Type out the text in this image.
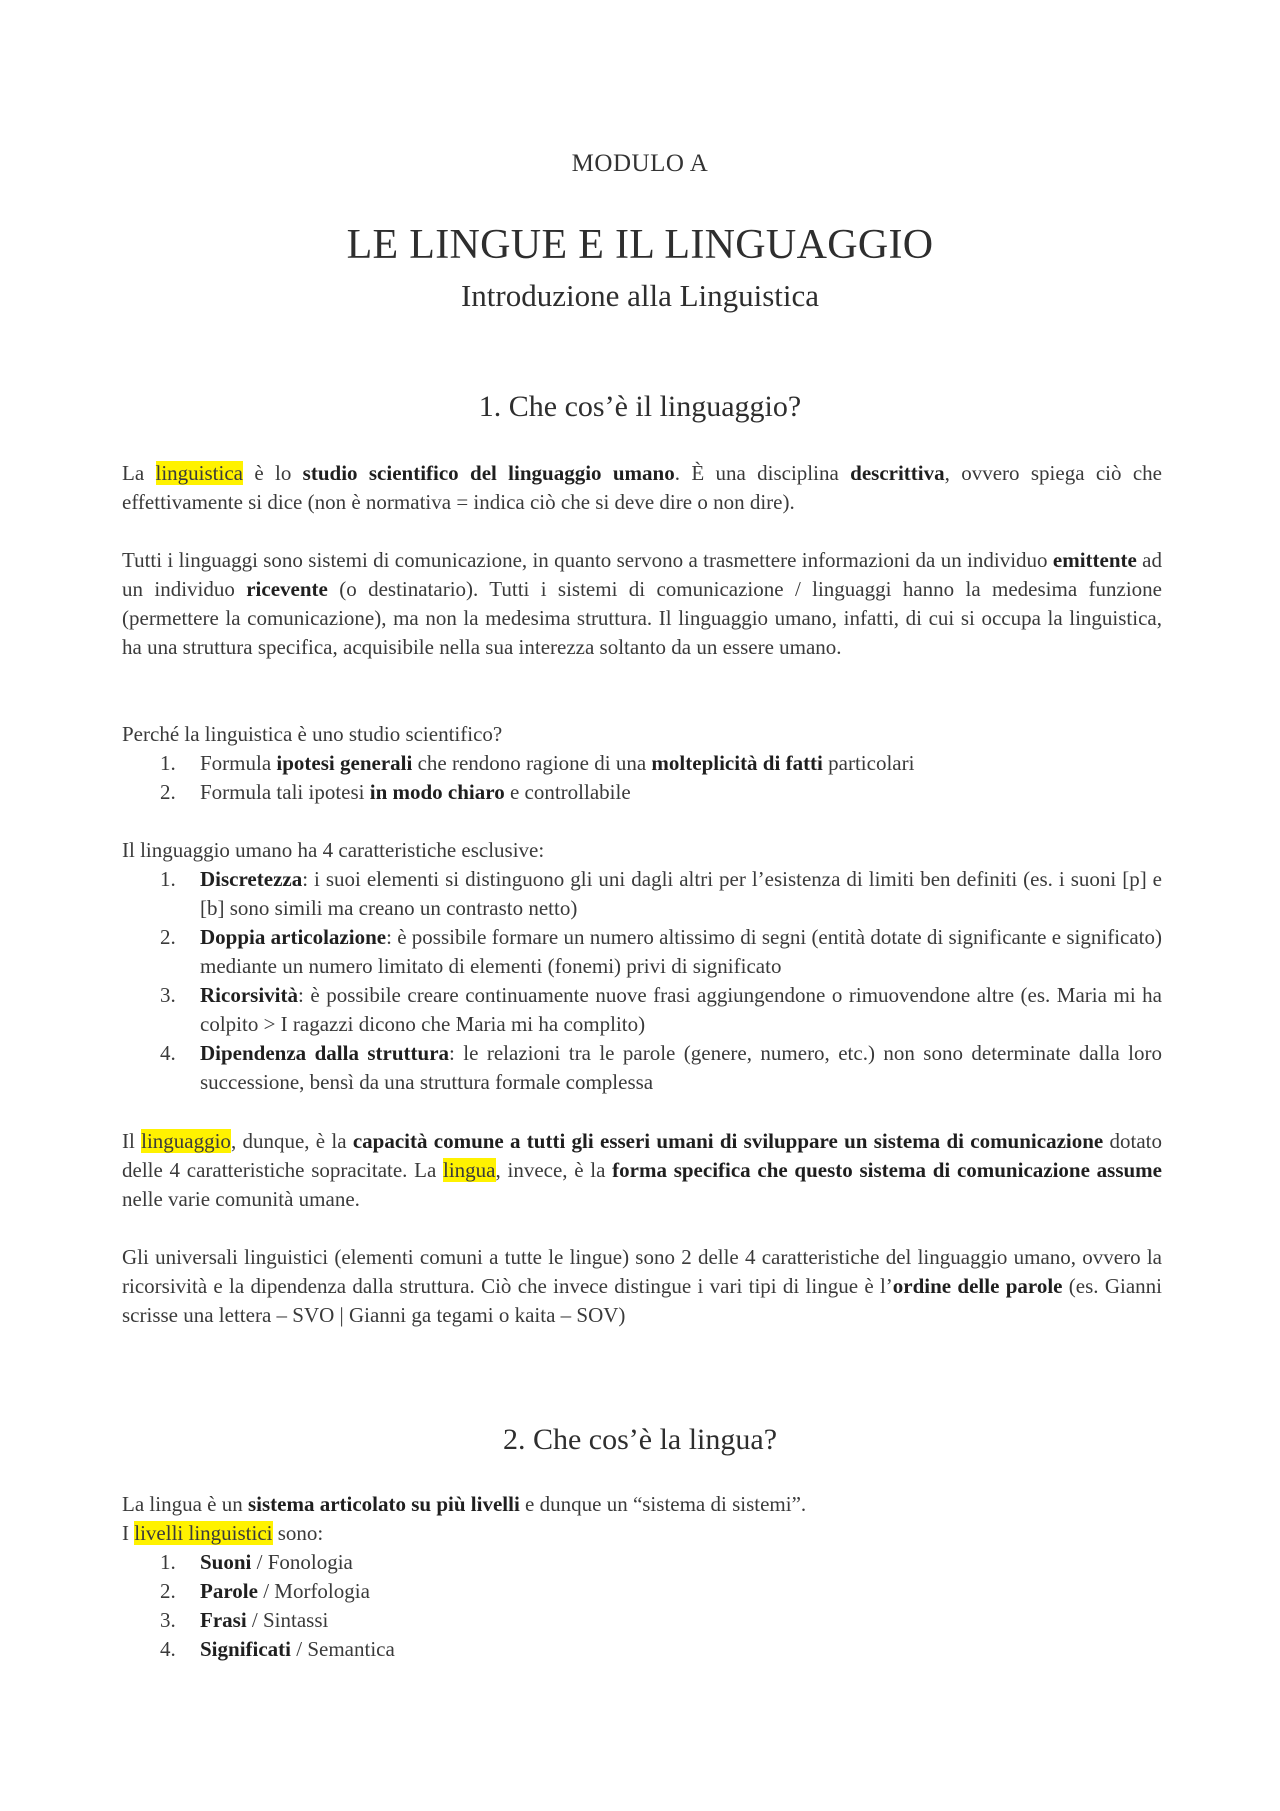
MODULO A
LE LINGUE E IL LINGUAGGIO
Introduzione alla Linguistica
1. Che cos’è il linguaggio?
La linguistica è lo studio scientifico del linguaggio umano. È una disciplina descrittiva, ovvero spiega ciò che effettivamente si dice (non è normativa = indica ciò che si deve dire o non dire).
Tutti i linguaggi sono sistemi di comunicazione, in quanto servono a trasmettere informazioni da un individuo emittente ad un individuo ricevente (o destinatario). Tutti i sistemi di comunicazione / linguaggi hanno la medesima funzione (permettere la comunicazione), ma non la medesima struttura. Il linguaggio umano, infatti, di cui si occupa la linguistica, ha una struttura specifica, acquisibile nella sua interezza soltanto da un essere umano.
Perché la linguistica è uno studio scientifico?
1. Formula ipotesi generali che rendono ragione di una molteplicità di fatti particolari
2. Formula tali ipotesi in modo chiaro e controllabile
Il linguaggio umano ha 4 caratteristiche esclusive:
1. Discretezza: i suoi elementi si distinguono gli uni dagli altri per l’esistenza di limiti ben definiti (es. i suoni [p] e [b] sono simili ma creano un contrasto netto)
2. Doppia articolazione: è possibile formare un numero altissimo di segni (entità dotate di significante e significato) mediante un numero limitato di elementi (fonemi) privi di significato
3. Ricorsività: è possibile creare continuamente nuove frasi aggiungendone o rimuovendone altre (es. Maria mi ha colpito > I ragazzi dicono che Maria mi ha complito)
4. Dipendenza dalla struttura: le relazioni tra le parole (genere, numero, etc.) non sono determinate dalla loro successione, bensì da una struttura formale complessa
Il linguaggio, dunque, è la capacità comune a tutti gli esseri umani di sviluppare un sistema di comunicazione dotato delle 4 caratteristiche sopracitate. La lingua, invece, è la forma specifica che questo sistema di comunicazione assume nelle varie comunità umane.
Gli universali linguistici (elementi comuni a tutte le lingue) sono 2 delle 4 caratteristiche del linguaggio umano, ovvero la ricorsività e la dipendenza dalla struttura. Ciò che invece distingue i vari tipi di lingue è l’ordine delle parole (es. Gianni scrisse una lettera – SVO | Gianni ga tegami o kaita – SOV)
2. Che cos’è la lingua?
La lingua è un sistema articolato su più livelli e dunque un “sistema di sistemi”.
I livelli linguistici sono:
1. Suoni / Fonologia
2. Parole / Morfologia
3. Frasi / Sintassi
4. Significati / Semantica
